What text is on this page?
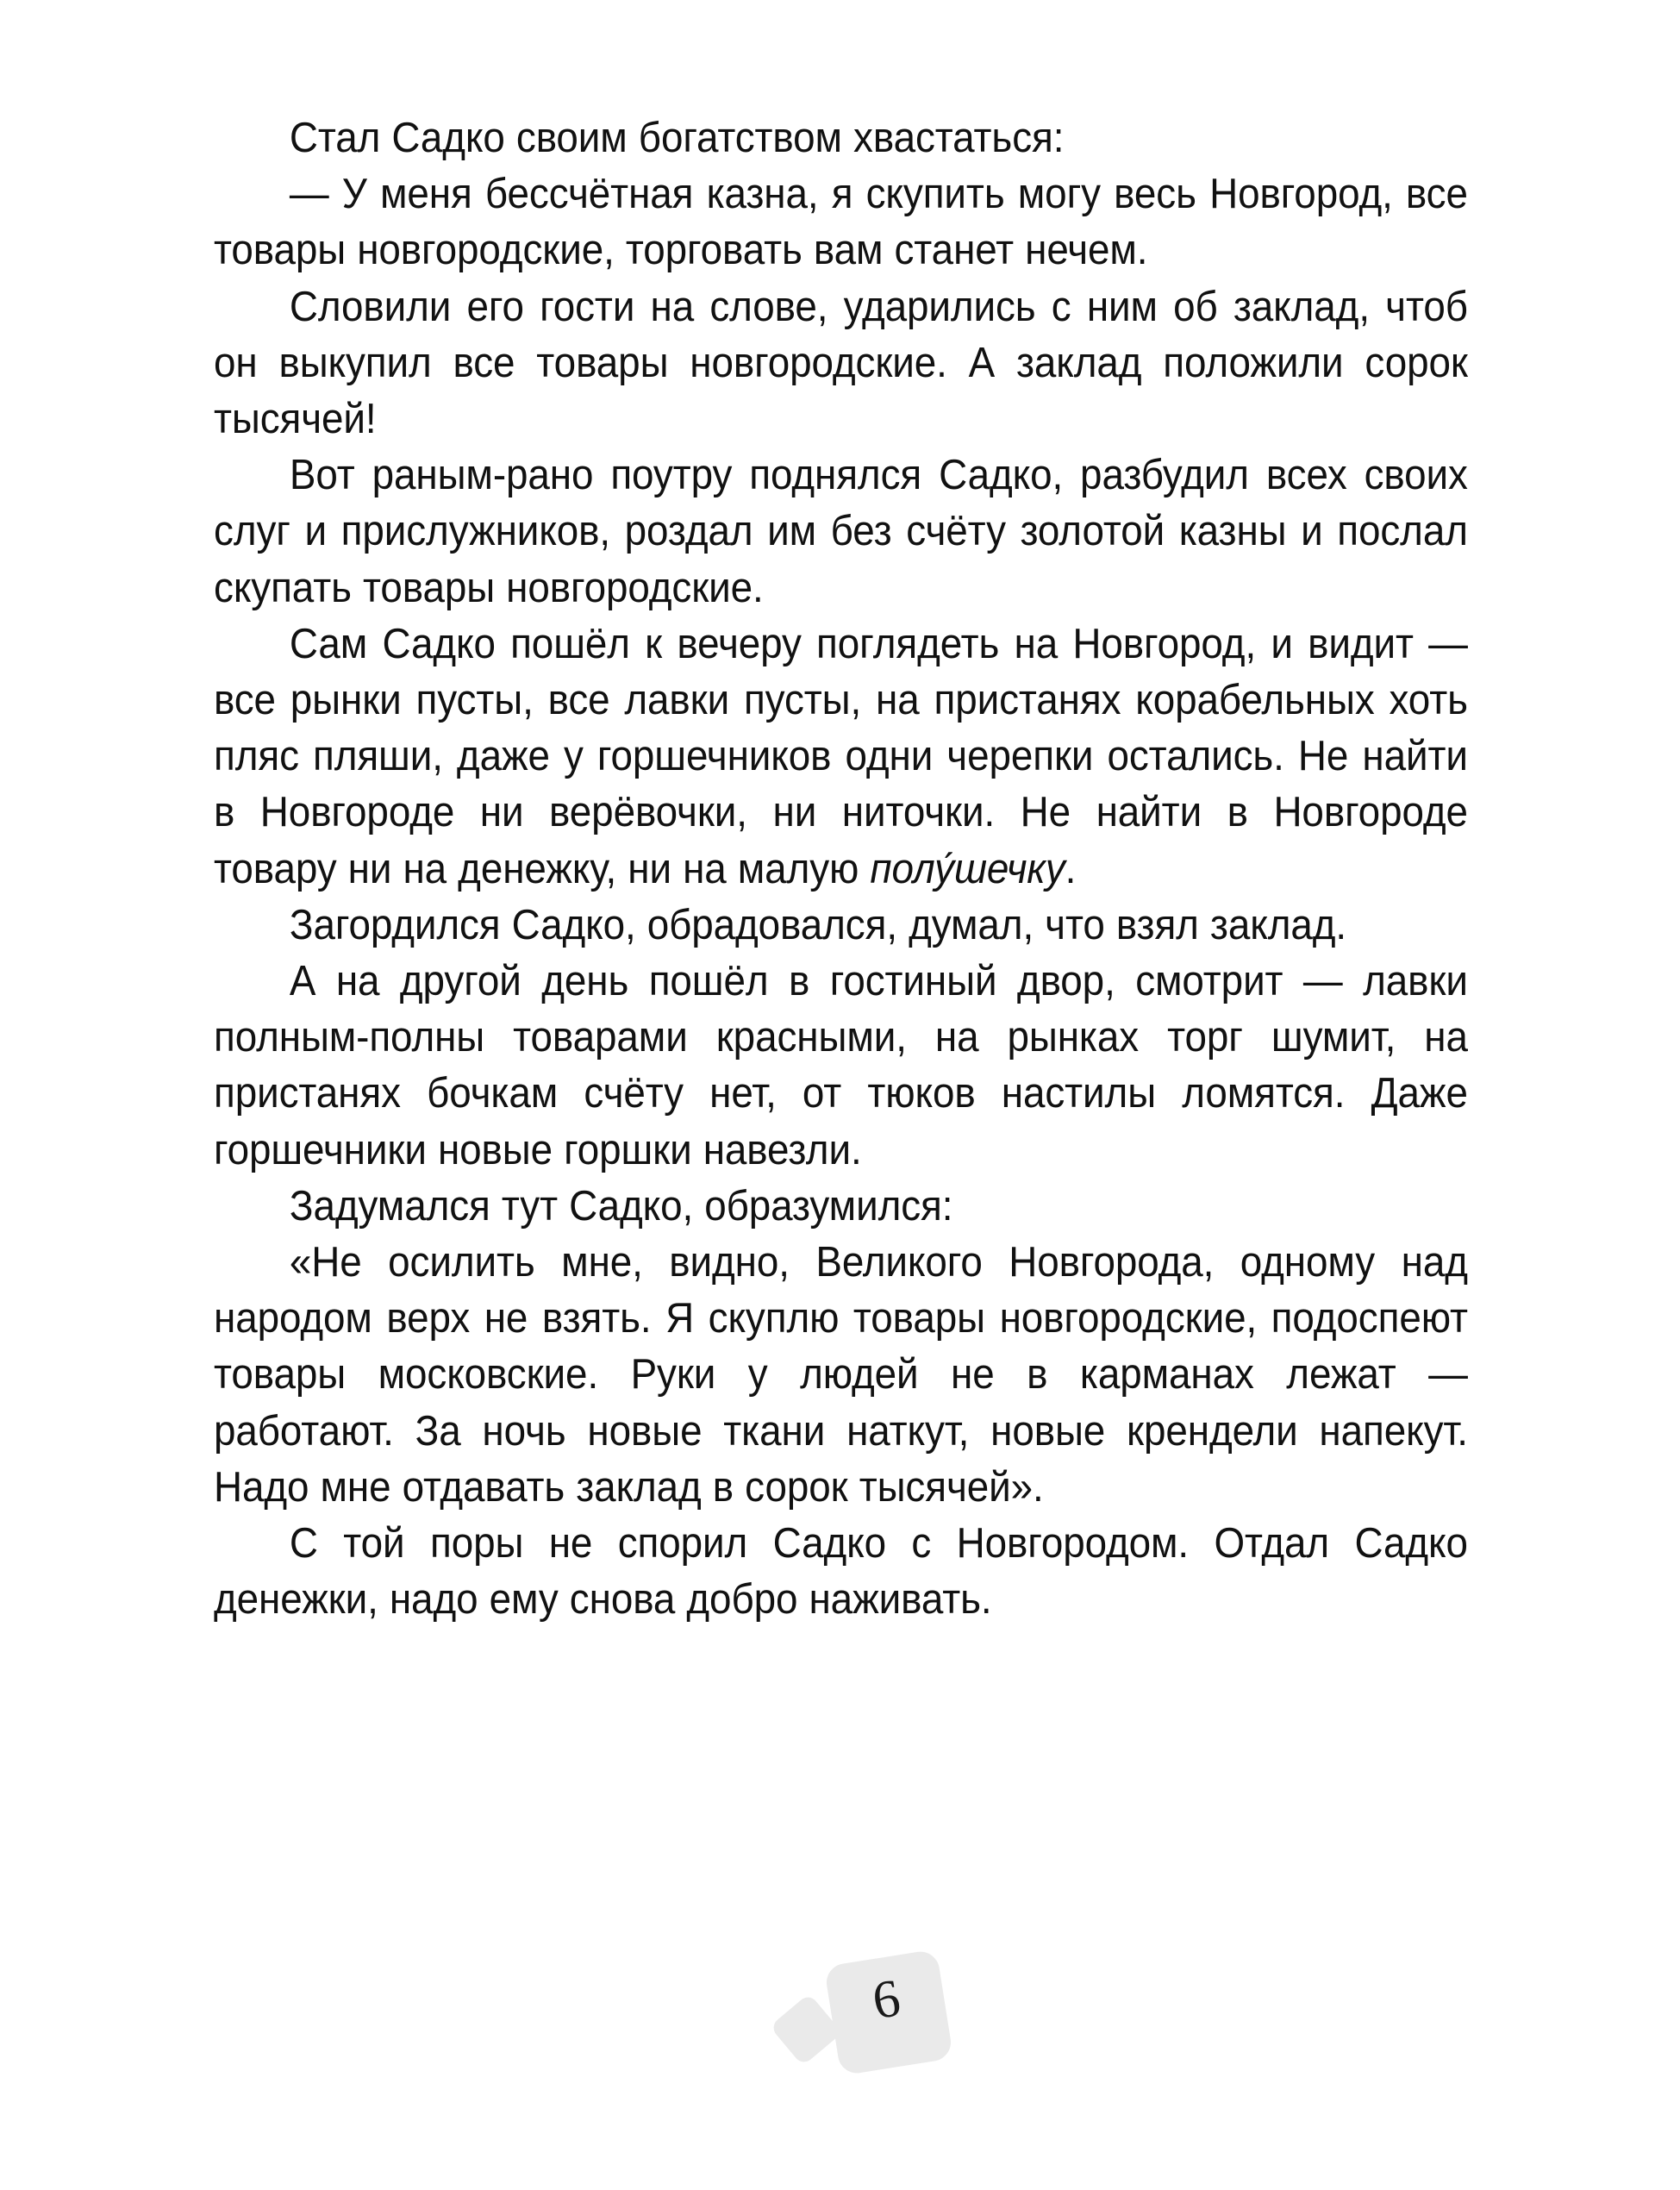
Стал Садко своим богатством хвастаться:

— У меня бессчётная казна, я скупить могу весь Новгород, все товары новгородские, торговать вам станет нечем.

Словили его гости на слове, ударились с ним об заклад, чтоб он выкупил все товары новгородские. А заклад положили сорок тысячей!

Вот раным-рано поутру поднялся Садко, разбудил всех своих слуг и прислужников, роздал им без счёту золотой казны и послал скупать товары новгородские.

Сам Садко пошёл к вечеру поглядеть на Новгород, и видит — все рынки пусты, все лавки пусты, на пристанях корабельных хоть пляс пляши, даже у горшечников одни черепки остались. Не найти в Новгороде ни верёвочки, ни ниточки. Не найти в Новгороде товару ни на денежку, ни на малую полу́шечку.

Загордился Садко, обрадовался, думал, что взял заклад.

А на другой день пошёл в гостиный двор, смотрит — лавки полным-полны товарами красными, на рынках торг шумит, на пристанях бочкам счёту нет, от тюков настилы ломятся. Даже горшечники новые горшки навезли.

Задумался тут Садко, образумился:

«Не осилить мне, видно, Великого Новгорода, одному над народом верх не взять. Я скуплю товары новгородские, подоспеют товары московские. Руки у людей не в карманах лежат — работают. За ночь новые ткани наткут, новые крендели напекут. Надо мне отдавать заклад в сорок тысячей».

С той поры не спорил Садко с Новгородом. Отдал Садко денежки, надо ему снова добро наживать.

6
